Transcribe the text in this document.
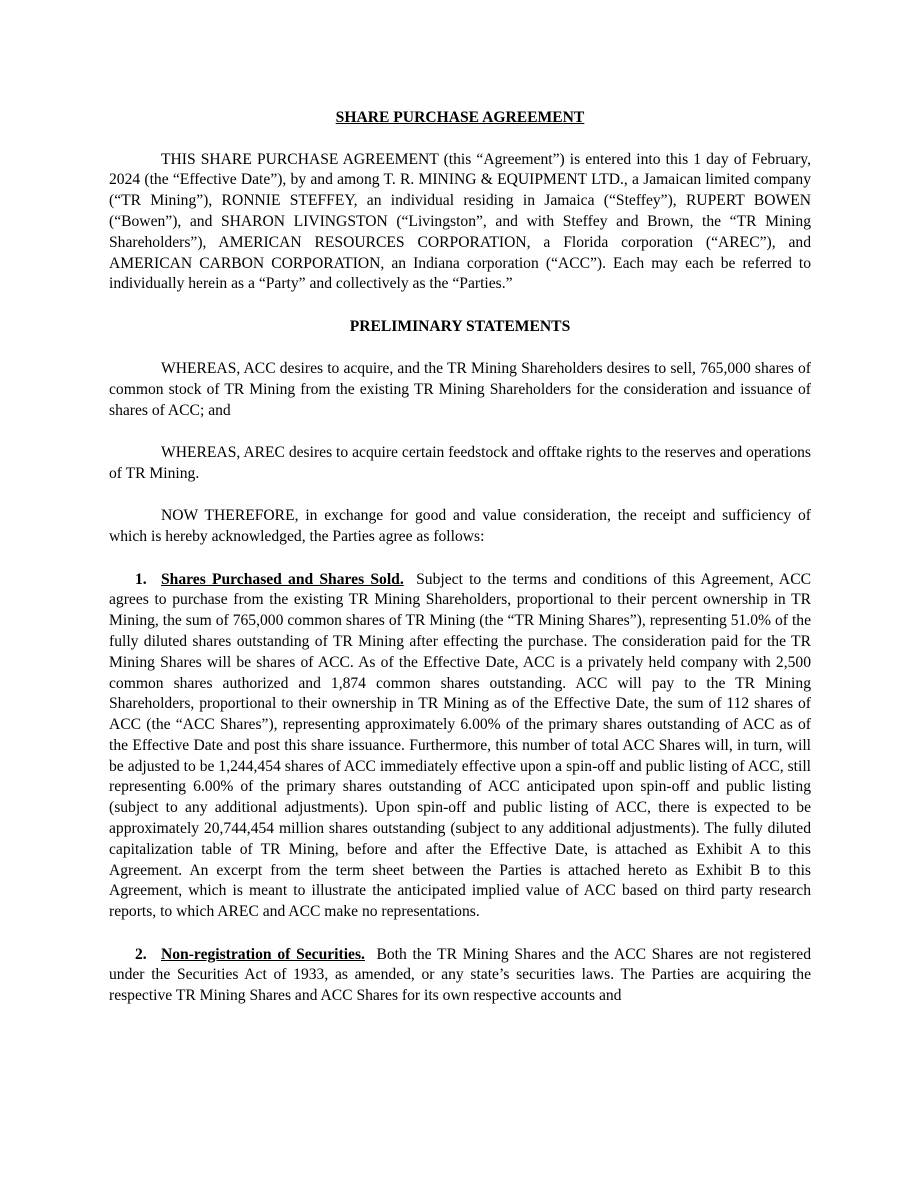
SHARE PURCHASE AGREEMENT

THIS SHARE PURCHASE AGREEMENT (this “Agreement”) is entered into this 1 day of February, 2024 (the “Effective Date”), by and among T. R. MINING & EQUIPMENT LTD., a Jamaican limited company (“TR Mining”), RONNIE STEFFEY, an individual residing in Jamaica (“Steffey”), RUPERT BOWEN (“Bowen”), and SHARON LIVINGSTON (“Livingston”, and with Steffey and Brown, the “TR Mining Shareholders”), AMERICAN RESOURCES CORPORATION, a Florida corporation (“AREC”), and AMERICAN CARBON CORPORATION, an Indiana corporation (“ACC”). Each may each be referred to individually herein as a “Party” and collectively as the “Parties.”

PRELIMINARY STATEMENTS

WHEREAS, ACC desires to acquire, and the TR Mining Shareholders desires to sell, 765,000 shares of common stock of TR Mining from the existing TR Mining Shareholders for the consideration and issuance of shares of ACC; and

WHEREAS, AREC desires to acquire certain feedstock and offtake rights to the reserves and operations of TR Mining.

NOW THEREFORE, in exchange for good and value consideration, the receipt and sufficiency of which is hereby acknowledged, the Parties agree as follows:

1. Shares Purchased and Shares Sold. Subject to the terms and conditions of this Agreement, ACC agrees to purchase from the existing TR Mining Shareholders, proportional to their percent ownership in TR Mining, the sum of 765,000 common shares of TR Mining (the “TR Mining Shares”), representing 51.0% of the fully diluted shares outstanding of TR Mining after effecting the purchase. The consideration paid for the TR Mining Shares will be shares of ACC. As of the Effective Date, ACC is a privately held company with 2,500 common shares authorized and 1,874 common shares outstanding. ACC will pay to the TR Mining Shareholders, proportional to their ownership in TR Mining as of the Effective Date, the sum of 112 shares of ACC (the “ACC Shares”), representing approximately 6.00% of the primary shares outstanding of ACC as of the Effective Date and post this share issuance. Furthermore, this number of total ACC Shares will, in turn, will be adjusted to be 1,244,454 shares of ACC immediately effective upon a spin-off and public listing of ACC, still representing 6.00% of the primary shares outstanding of ACC anticipated upon spin-off and public listing (subject to any additional adjustments). Upon spin-off and public listing of ACC, there is expected to be approximately 20,744,454 million shares outstanding (subject to any additional adjustments). The fully diluted capitalization table of TR Mining, before and after the Effective Date, is attached as Exhibit A to this Agreement. An excerpt from the term sheet between the Parties is attached hereto as Exhibit B to this Agreement, which is meant to illustrate the anticipated implied value of ACC based on third party research reports, to which AREC and ACC make no representations.

2. Non-registration of Securities. Both the TR Mining Shares and the ACC Shares are not registered under the Securities Act of 1933, as amended, or any state’s securities laws. The Parties are acquiring the respective TR Mining Shares and ACC Shares for its own respective accounts and
